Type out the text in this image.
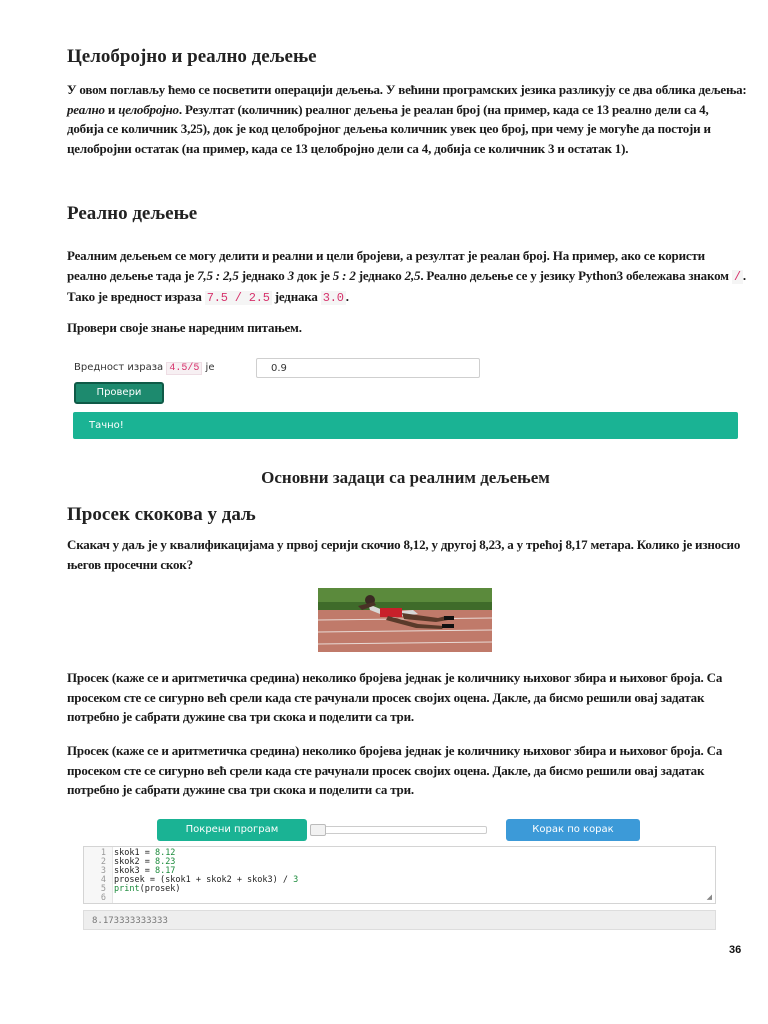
Целобројно и реално дељење

У овом поглављу ћемо се посветити операцији дељења. У већини програмских језика разликују се два облика дељења: реално и целобројно. Резултат (количник) реалног дељења је реалан број (на пример, када се 13 реално дели са 4, добија се количник 3,25), док је код целобројног дељења количник увек цео број, при чему је могуће да постоји и целобројни остатак (на пример, када се 13 целобројно дели са 4, добија се количник 3 и остатак 1).

Реално дељење

Реалним дељењем се могу делити и реални и цели бројеви, а резултат је реалан број. На пример, ако се користи реално дељење тада је 7,5 : 2,5 једнако 3 док је 5 : 2 једнако 2,5. Реално дељење се у језику Python3 обележава знаком / . Тако је вредност израза 7.5 / 2.5 једнака 3.0 .

Провери своје знање наредним питањем.

Вредност израза 4.5/5 је	0.9
Провери
Тачно!
Основни задаци са реалним дељењем
Просек скокова у даљ

Скакач у даљ је у квалификацијама у првој серији скочио 8,12, у другој 8,23, а у трећој 8,17 метара. Колико је износио његов просечни скок?

Просек (каже се и аритметичка средина) неколико бројева једнак је количнику њиховог збира и њиховог броја. Са просеком сте се сигурно већ срели када сте рачунали просек својих оцена. Дакле, да бисмо решили овај задатак потребно је сабрати дужине сва три скока и поделити са три.

Просек (каже се и аритметичка средина) неколико бројева једнак је количнику њиховог збира и њиховог броја. Са просеком сте се сигурно већ срели када сте рачунали просек својих оцена. Дакле, да бисмо решили овај задатак потребно је сабрати дужине сва три скока и поделити са три.

Покрени програм	Корак по корак
1 skok1 = 8.12
2 skok2 = 8.23
3 skok3 = 8.17
4 prosek = (skok1 + skok2 + skok3) / 3
5 print(prosek)
6	◢
8.173333333333
36
